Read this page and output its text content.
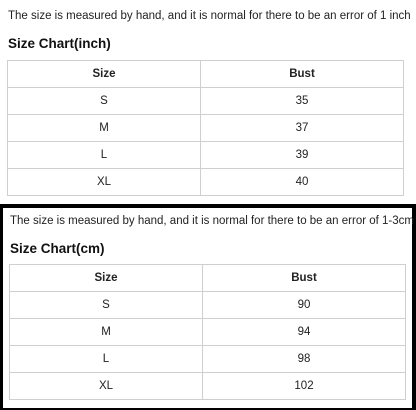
The size is measured by hand, and it is normal for there to be an error of 1 inch
Size Chart(inch)
Size	Bust
S	35
M	37
L	39
XL	40
The size is measured by hand, and it is normal for there to be an error of 1-3cm
Size Chart(cm)
Size	Bust
S	90
M	94
L	98
XL	102
